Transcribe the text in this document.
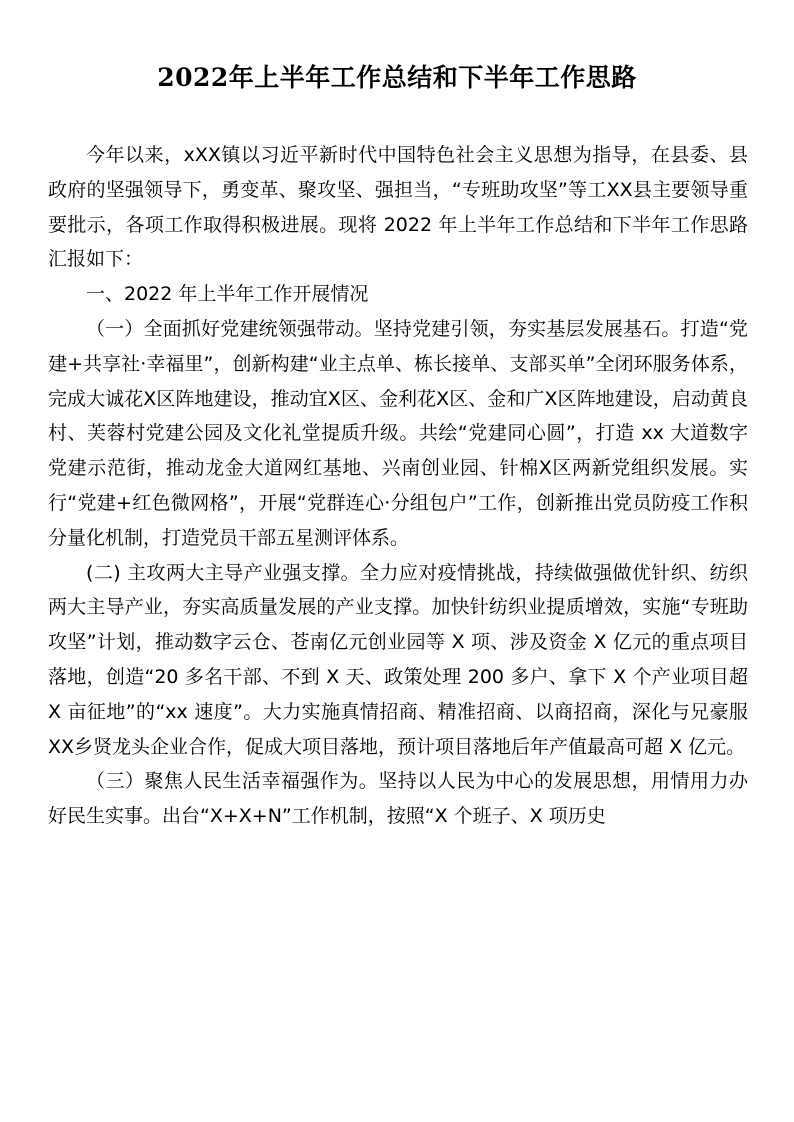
2022年上半年工作总结和下半年工作思路

今年以来，xXX镇以习近平新时代中国特色社会主义思想为指导，在县委、县政府的坚强领导下，勇变革、聚攻坚、强担当，“专班助攻坚”等工XX县主要领导重要批示，各项工作取得积极进展。现将 2022 年上半年工作总结和下半年工作思路汇报如下：

一、2022 年上半年工作开展情况

（一）全面抓好党建统领强带动。坚持党建引领，夯实基层发展基石。打造“党建+共享社·幸福里”，创新构建“业主点单、栋长接单、支部买单”全闭环服务体系，完成大诚花X区阵地建设，推动宜X区、金利花X区、金和广X区阵地建设，启动黄良村、芙蓉村党建公园及文化礼堂提质升级。共绘“党建同心圆”，打造 xx 大道数字党建示范街，推动龙金大道网红基地、兴南创业园、针棉X区两新党组织发展。实行“党建+红色微网格”，开展“党群连心·分组包户”工作，创新推出党员防疫工作积分量化机制，打造党员干部五星测评体系。

(二) 主攻两大主导产业强支撑。全力应对疫情挑战，持续做强做优针织、纺织两大主导产业，夯实高质量发展的产业支撑。加快针纺织业提质增效，实施“专班助攻坚”计划，推动数字云仓、苍南亿元创业园等 X 项、涉及资金 X 亿元的重点项目落地，创造“20 多名干部、不到 X 天、政策处理 200 多户、拿下 X 个产业项目超 X 亩征地”的“xx 速度”。大力实施真情招商、精准招商、以商招商，深化与兄豪服XX乡贤龙头企业合作，促成大项目落地，预计项目落地后年产值最高可超 X 亿元。

（三）聚焦人民生活幸福强作为。坚持以人民为中心的发展思想，用情用力办好民生实事。出台“X+X+N”工作机制，按照“X 个班子、X 项历史
